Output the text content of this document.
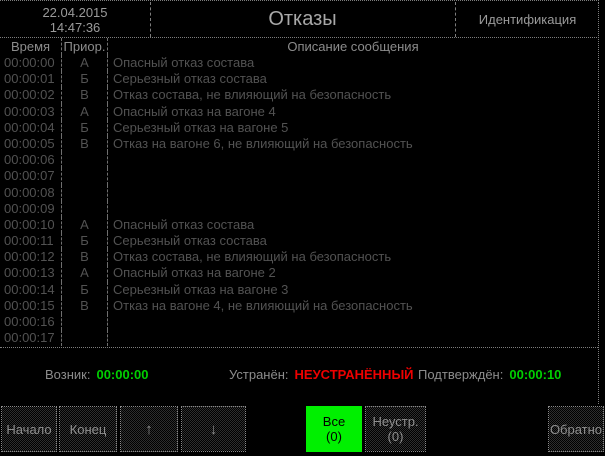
22.04.2015
14:47:36	Отказы	Идентификация
Время	Приор.	Описание сообщения
00:00:00	А	Опасный отказ состава
00:00:01	Б	Серьезный отказ состава
00:00:02	В	Отказ состава, не влияющий на безопасность
00:00:03	А	Опасный отказ на вагоне 4
00:00:04	Б	Серьезный отказ на вагоне 5
00:00:05	В	Отказ на вагоне 6, не влияющий на безопасность
00:00:06
00:00:07
00:00:08
00:00:09
00:00:10	А	Опасный отказ состава
00:00:11	Б	Серьезный отказ состава
00:00:12	В	Отказ состава, не влияющий на безопасность
00:00:13	А	Опасный отказ на вагоне 2
00:00:14	Б	Серьезный отказ на вагоне 3
00:00:15	В	Отказ на вагоне 4, не влияющий на безопасность
00:00:16
00:00:17
Возник: 00:00:00	Устранён: НЕУСТРАНЁННЫЙ Подтверждён: 00:00:10
Начало Конец	↑	↓	Все
(0)
Неустр.
(0)	Обратно
